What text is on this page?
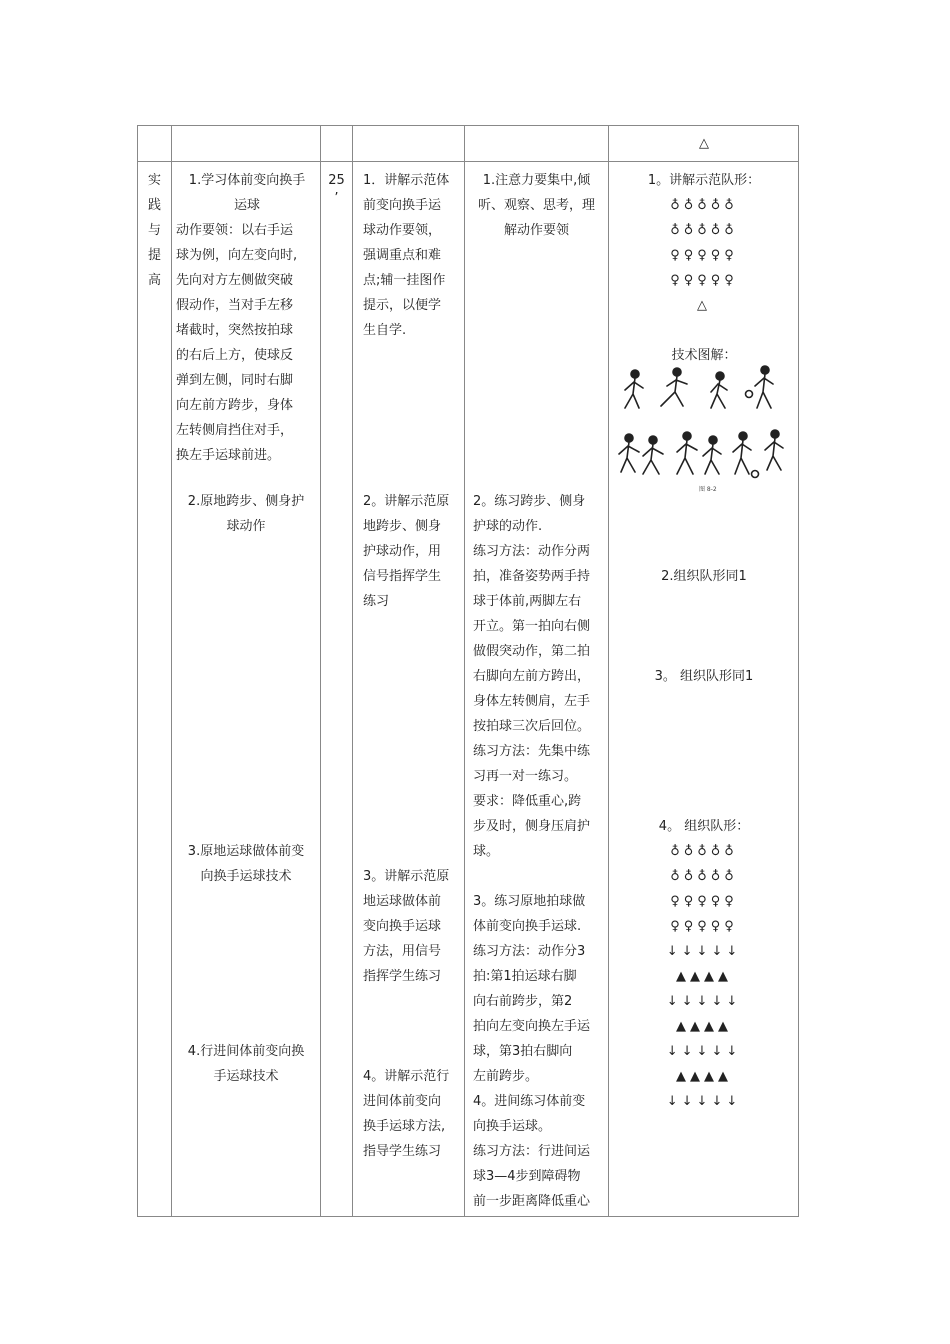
△
实
践
与
提
高
1.学习体前变向换手
运球
动作要领：以右手运
球为例，向左变向时,
先向对方左侧做突破
假动作，当对手左移
堵截时，突然按拍球
的右后上方，使球反
弹到左侧，同时右脚
向左前方跨步，身体
左转侧肩挡住对手，
换左手运球前进。
2.原地跨步、侧身护
球动作
3.原地运球做体前变
向换手运球技术
4.行进间体前变向换
手运球技术
25
’
1．讲解示范体
前变向换手运
球动作要领，
强调重点和难
点;辅一挂图作
提示，以便学
生自学.
2。讲解示范原
地跨步、侧身
护球动作，用
信号指挥学生
练习
3。讲解示范原
地运球做体前
变向换手运球
方法，用信号
指挥学生练习
4。讲解示范行
进间体前变向
换手运球方法,
指导学生练习
1.注意力要集中,倾
听、观察、思考，理
解动作要领
2。练习跨步、侧身
护球的动作.
练习方法：动作分两
拍，准备姿势两手持
球于体前,两脚左右
开立。第一拍向右侧
做假突动作，第二拍
右脚向左前方跨出，
身体左转侧肩，左手
按拍球三次后回位。
练习方法：先集中练
习再一对一练习。
要求：降低重心,跨
步及时，侧身压肩护
球。
3。练习原地拍球做
体前变向换手运球.
练习方法：动作分3
拍:第1拍运球右脚
向右前跨步，第2
拍向左变向换左手运
球，第3拍右脚向
左前跨步。
4。进间练习体前变
向换手运球。
练习方法：行进间运
球3—4步到障碍物
前一步距离降低重心
1。讲解示范队形：
♁♁♁♁♁
♁♁♁♁♁
♀♀♀♀♀
♀♀♀♀♀
△
技术图解：
图 8-2
2.组织队形同1
3。 组织队形同1
4。 组织队形：
♁♁♁♁♁
♁♁♁♁♁
♀♀♀♀♀
♀♀♀♀♀
↓↓↓↓↓
▲▲▲▲
↓↓↓↓↓
▲▲▲▲
↓↓↓↓↓
▲▲▲▲
↓↓↓↓↓
